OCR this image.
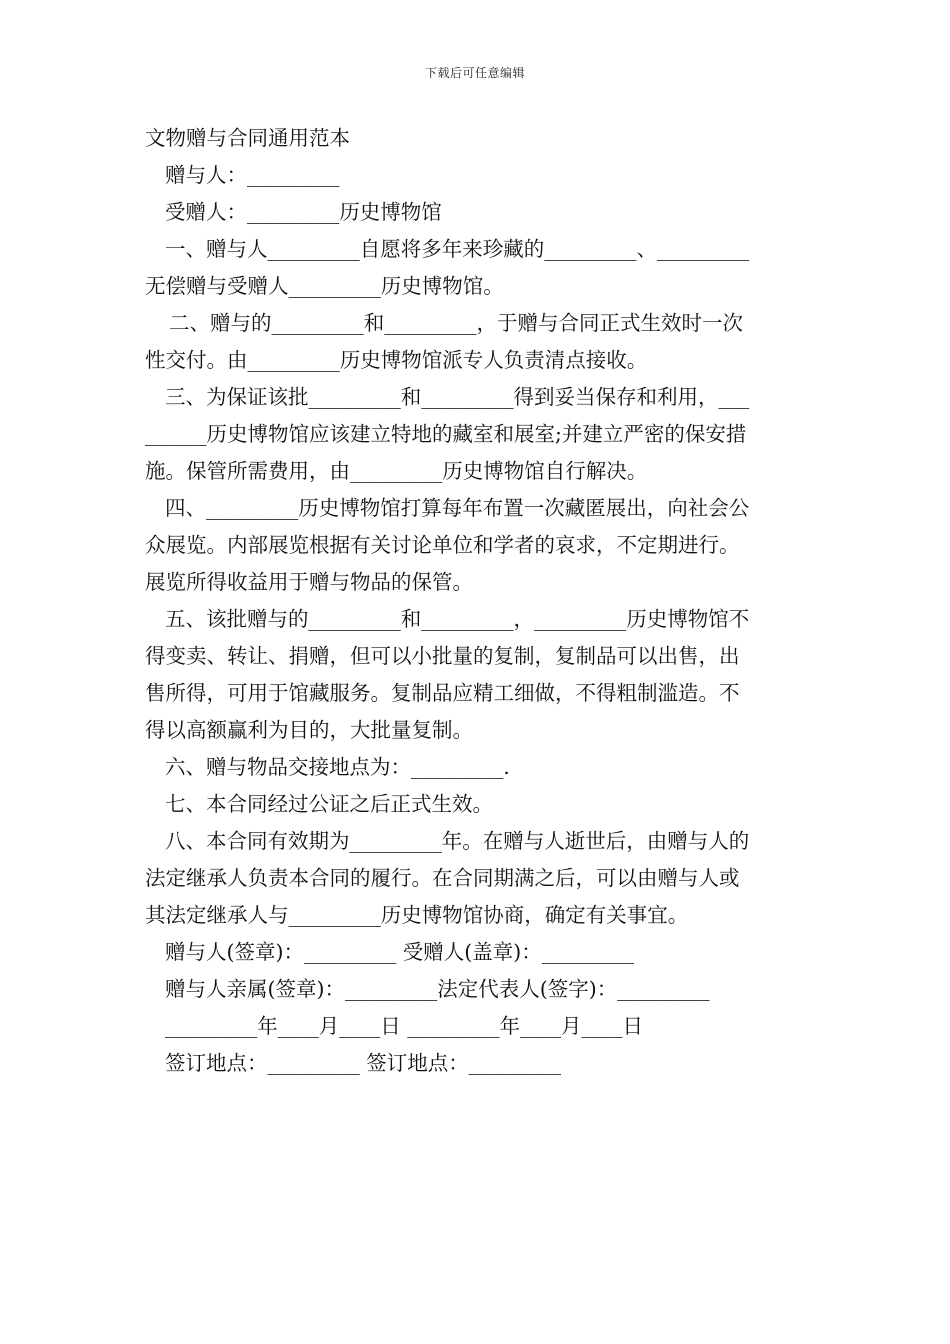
下载后可任意编辑
文物赠与合同通用范本
赠与人：_________
受赠人：_________历史博物馆
一、赠与人_________自愿将多年来珍藏的_________、_________
无偿赠与受赠人_________历史博物馆。
二、赠与的_________和_________，于赠与合同正式生效时一次
性交付。由_________历史博物馆派专人负责清点接收。
三、为保证该批_________和_________得到妥当保存和利用，___
______历史博物馆应该建立特地的藏室和展室;并建立严密的保安措
施。保管所需费用，由_________历史博物馆自行解决。
四、_________历史博物馆打算每年布置一次藏匿展出，向社会公
众展览。内部展览根据有关讨论单位和学者的哀求，不定期进行。
展览所得收益用于赠与物品的保管。
五、该批赠与的_________和_________，_________历史博物馆不
得变卖、转让、捐赠，但可以小批量的复制，复制品可以出售，出
售所得，可用于馆藏服务。复制品应精工细做，不得粗制滥造。不
得以高额赢利为目的，大批量复制。
六、赠与物品交接地点为：_________.
七、本合同经过公证之后正式生效。
八、本合同有效期为_________年。在赠与人逝世后，由赠与人的
法定继承人负责本合同的履行。在合同期满之后，可以由赠与人或
其法定继承人与_________历史博物馆协商，确定有关事宜。
赠与人(签章)：_________ 受赠人(盖章)：_________
赠与人亲属(签章)：_________法定代表人(签字)：_________
_________年____月____日 _________年____月____日
签订地点：_________ 签订地点：_________
